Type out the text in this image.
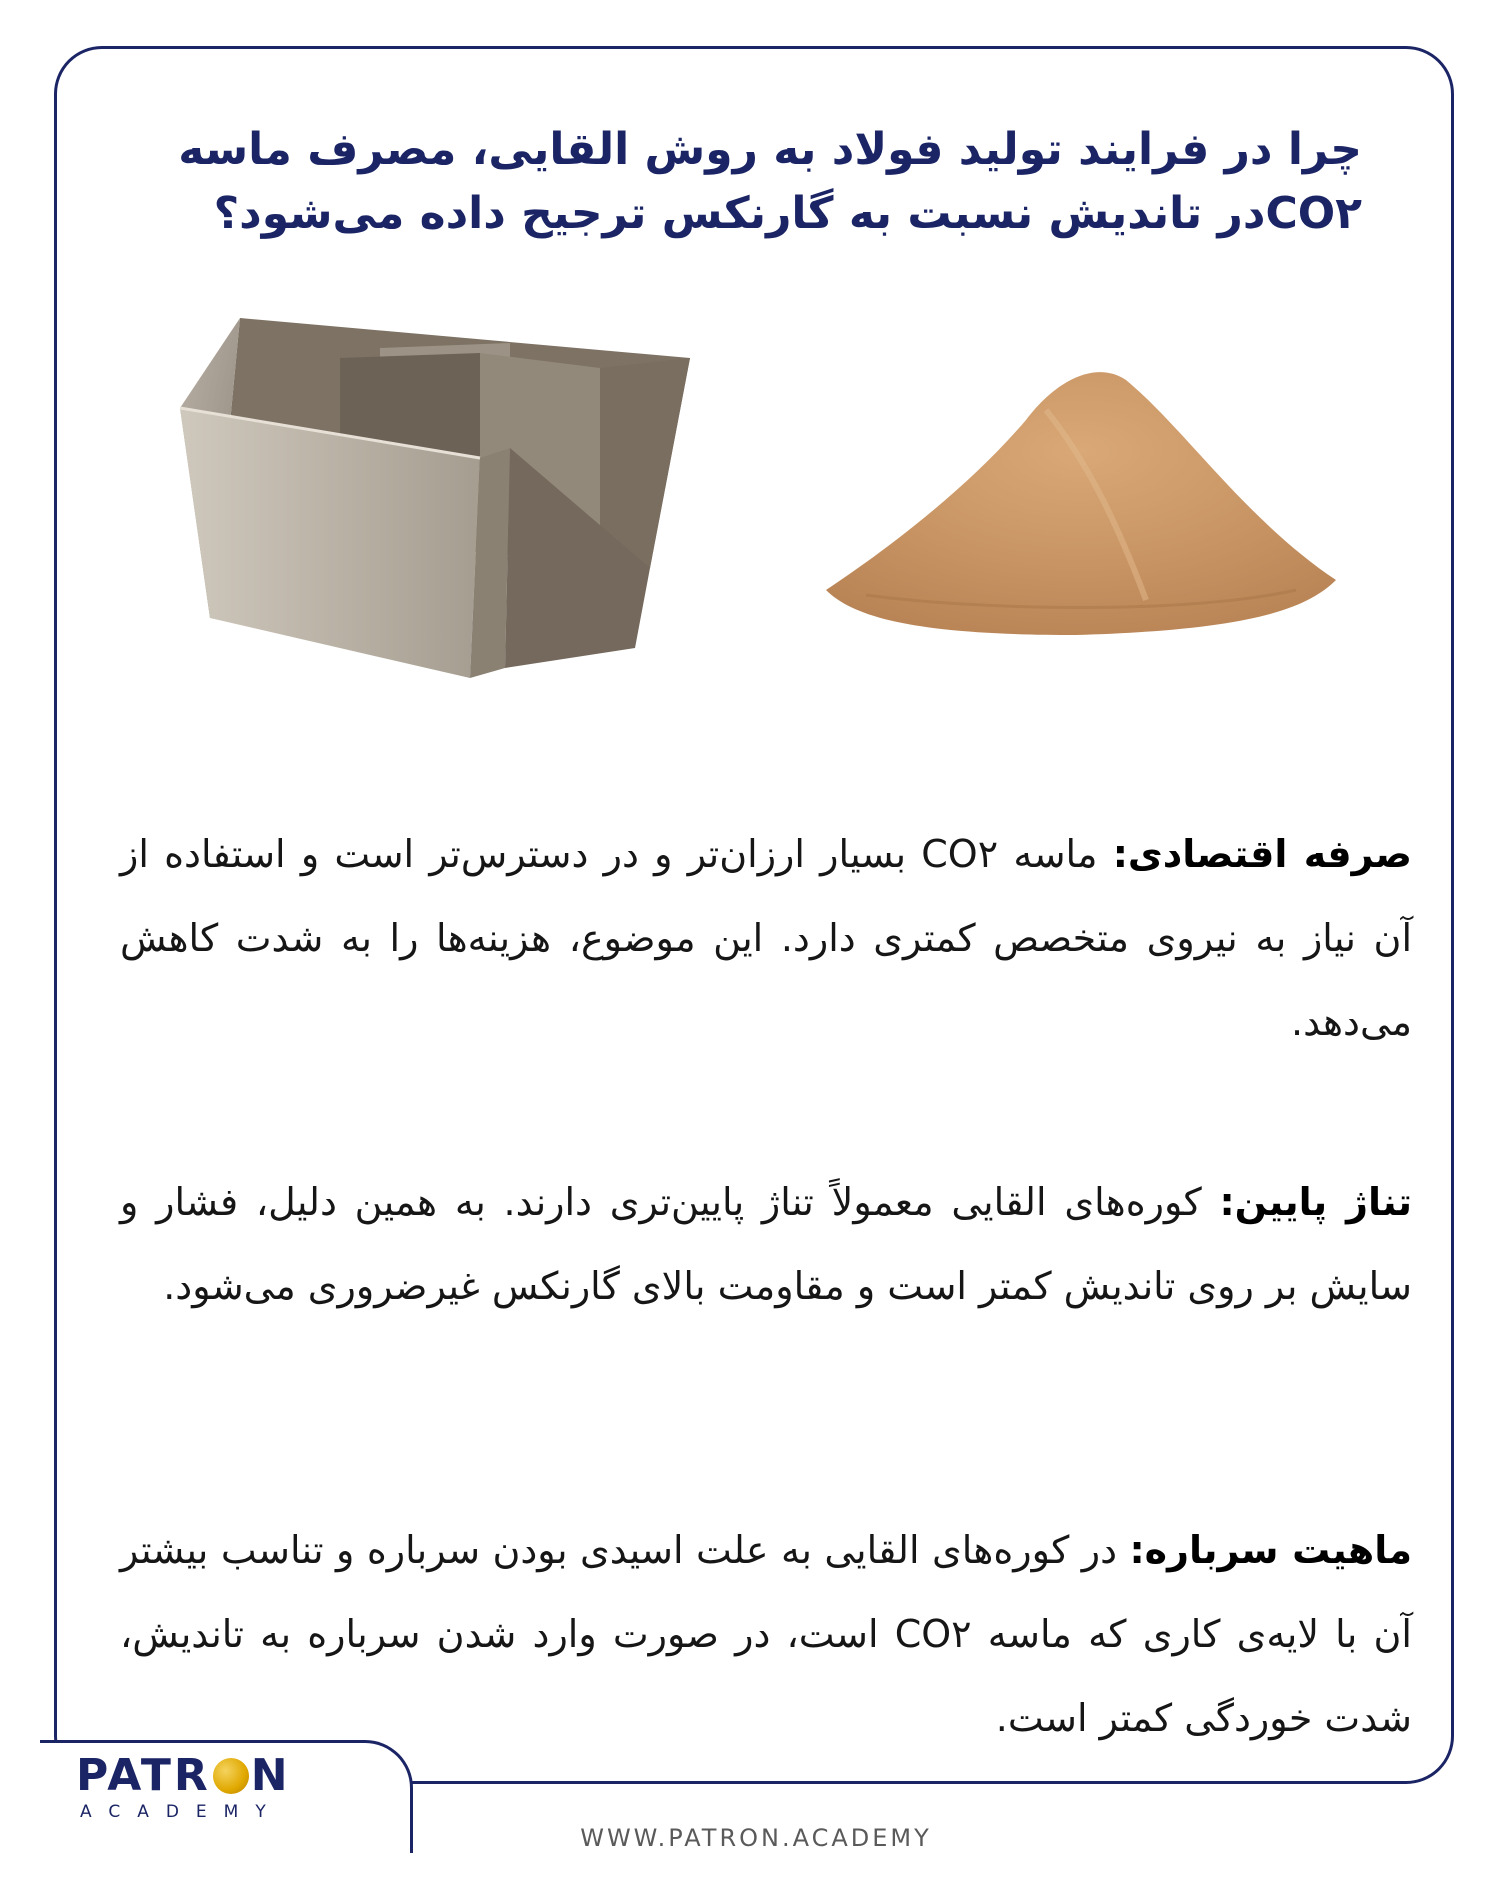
چرا در فرایند تولید فولاد به روش القایی، مصرف ماسه
CO۲در تاندیش نسبت به گارنکس ترجیح داده می‌شود؟
صرفه اقتصادی: ماسه CO۲ بسیار ارزان‌تر و در دسترس‌تر است و استفاده از آن نیاز به نیروی متخصص کمتری دارد. این موضوع، هزینه‌ها را به شدت کاهش می‌دهد.
تناژ پایین: کوره‌های القایی معمولاً تناژ پایین‌تری دارند. به همین دلیل، فشار و سایش بر روی تاندیش کمتر است و مقاومت بالای گارنکس غیرضروری می‌شود.
ماهیت سرباره: در کوره‌های القایی به علت اسیدی بودن سرباره و تناسب بیشتر آن با لایه‌ی کاری که ماسه CO۲ است، در صورت وارد شدن سرباره به تاندیش، شدت خوردگی کمتر است.
PATR N
ACADEMY
WWW.PATRON.ACADEMY
